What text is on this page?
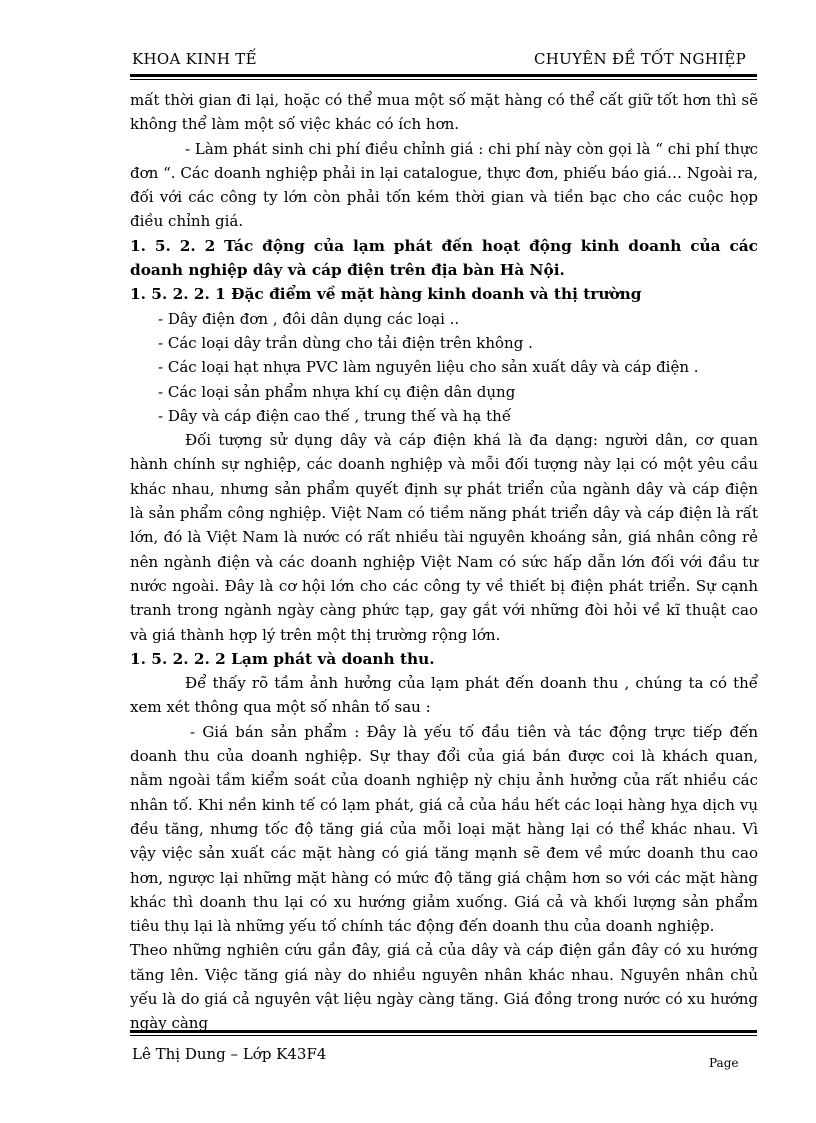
KHOA KINH TẾ	CHUYÊN ĐỀ TỐT NGHIỆP

mất thời gian đi lại, hoặc có thể mua một số mặt hàng có thể cất giữ tốt hơn thì sẽ không thể làm một số việc khác có ích hơn.

- Làm phát sinh chi phí điều chỉnh giá : chi phí này còn gọi là “ chi phí thực đơn “. Các doanh nghiệp phải in lại catalogue, thực đơn, phiếu báo giá… Ngoài ra, đối với các công ty lớn còn phải tốn kém thời gian và tiền bạc cho các cuộc họp điều chỉnh giá.

1. 5. 2. 2 Tác động của lạm phát đến hoạt động kinh doanh của các doanh nghiệp dây và cáp điện trên địa bàn Hà Nội.

1. 5. 2. 2. 1 Đặc điểm về mặt hàng kinh doanh và thị trường

- Dây điện đơn , đôi dân dụng các loại ..

- Các loại dây trần dùng cho tải điện trên không .

- Các loại hạt nhựa PVC làm nguyên liệu cho sản xuất dây và cáp điện .

- Các loại sản phẩm nhựa khí cụ điện dân dụng

- Dây và cáp điện cao thế , trung thế và hạ thế

Đối tượng sử dụng dây và cáp điện khá là đa dạng: người dân, cơ quan hành chính sự nghiệp, các doanh nghiệp và mỗi đối tượng này lại có một yêu cầu khác nhau, nhưng sản phẩm quyết định sự phát triển của ngành dây và cáp điện là sản phẩm công nghiệp. Việt Nam có tiềm năng phát triển dây và cáp điện là rất lớn, đó là Việt Nam là nước có rất nhiều tài nguyên khoáng sản, giá nhân công rẻ nên ngành điện và các doanh nghiệp Việt Nam có sức hấp dẫn lớn đối với đầu tư nước ngoài. Đây là cơ hội lớn cho các công ty về thiết bị điện phát triển. Sự cạnh tranh trong ngành ngày càng phức tạp, gay gắt với những đòi hỏi về kĩ thuật cao và giá thành hợp lý trên một thị trường rộng lớn.

1. 5. 2. 2. 2 Lạm phát và doanh thu.

Để thấy rõ tầm ảnh hưởng của lạm phát đến doanh thu , chúng ta có thể xem xét thông qua một số nhân tố sau :

- Giá bán sản phẩm : Đây là yếu tố đầu tiên và tác động trực tiếp đến doanh thu của doanh nghiệp. Sự thay đổi của giá bán được coi là khách quan, nằm ngoài tầm kiểm soát của doanh nghiệp nỳ chịu ảnh hưởng của rất nhiều các nhân tố. Khi nền kinh tế có lạm phát, giá cả của hầu hết các loại hàng hỵa dịch vụ đều tăng, nhưng tốc độ tăng giá của mỗi loại mặt hàng lại có thể khác nhau. Vì vậy việc sản xuất các mặt hàng có giá tăng mạnh sẽ đem về mức doanh thu cao hơn, ngược lại những mặt hàng có mức độ tăng giá chậm hơn so với các mặt hàng khác thì doanh thu lại có xu hướng giảm xuống. Giá cả và khối lượng sản phẩm tiêu thụ lại là những yếu tố chính tác động đến doanh thu của doanh nghiệp.

Theo những nghiên cứu gần đây, giá cả của dây và cáp điện gần đây có xu hướng tăng lên. Việc tăng giá này do nhiều nguyên nhân khác nhau. Nguyên nhân chủ yếu là do giá cả nguyên vật liệu ngày càng tăng. Giá đồng trong nước có xu hướng ngày càng

Lê Thị Dung – Lớp K43F4	Page
